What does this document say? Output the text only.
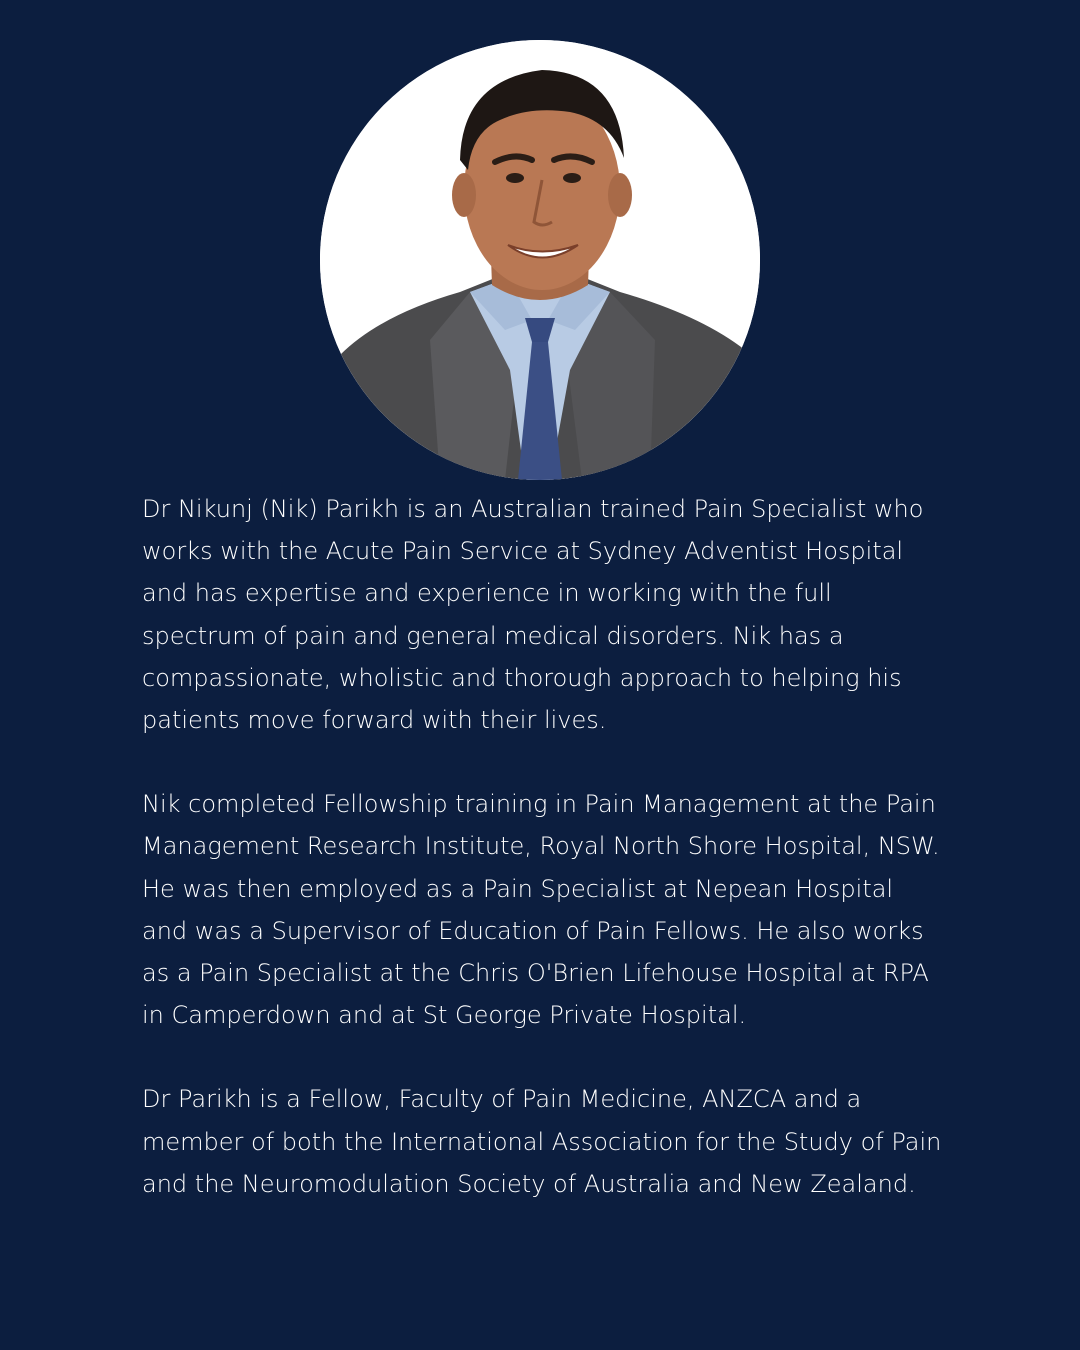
Dr Nikunj (Nik) Parikh is an Australian trained Pain Specialist who works with the Acute Pain Service at Sydney Adventist Hospital and has expertise and experience in working with the full spectrum of pain and general medical disorders. Nik has a compassionate, wholistic and thorough approach to helping his patients move forward with their lives.

Nik completed Fellowship training in Pain Management at the Pain Management Research Institute, Royal North Shore Hospital, NSW. He was then employed as a Pain Specialist at Nepean Hospital and was a Supervisor of Education of Pain Fellows. He also works as a Pain Specialist at the Chris O'Brien Lifehouse Hospital at RPA in Camperdown and at St George Private Hospital.

Dr Parikh is a Fellow, Faculty of Pain Medicine, ANZCA and a member of both the International Association for the Study of Pain and the Neuromodulation Society of Australia and New Zealand.
